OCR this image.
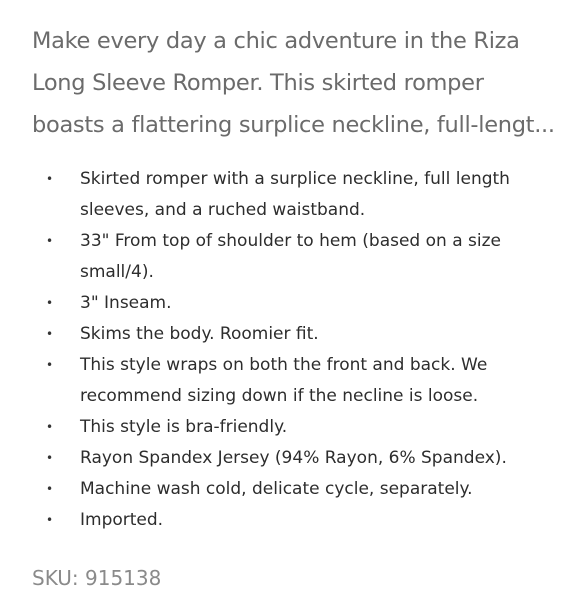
Make every day a chic adventure in the Riza
Long Sleeve Romper. This skirted romper
boasts a flattering surplice neckline, full-lengt...
• Skirted romper with a surplice neckline, full length
sleeves, and a ruched waistband.
• 33" From top of shoulder to hem (based on a size
small/4).
• 3" Inseam.
• Skims the body. Roomier fit.
• This style wraps on both the front and back. We
recommend sizing down if the necline is loose.
• This style is bra-friendly.
• Rayon Spandex Jersey (94% Rayon, 6% Spandex).
• Machine wash cold, delicate cycle, separately.
• Imported.
SKU: 915138
